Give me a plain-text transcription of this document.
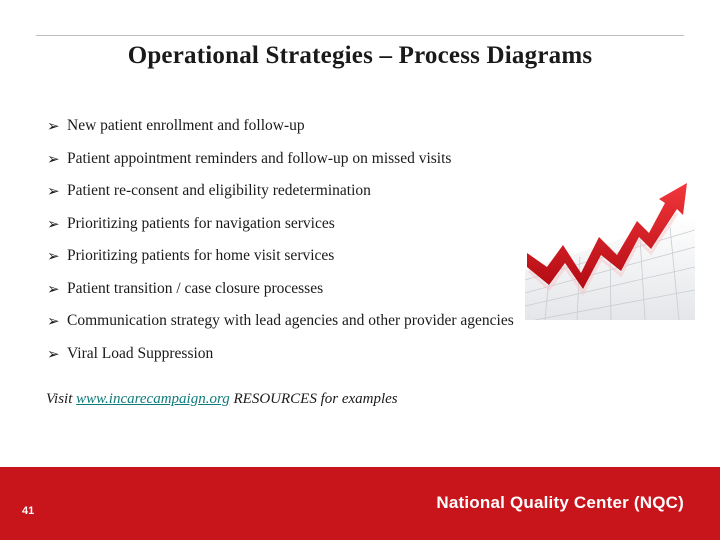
Operational Strategies – Process Diagrams
➢ New patient enrollment and follow-up
➢ Patient appointment reminders and follow-up on missed visits
➢ Patient re-consent and eligibility redetermination
➢ Prioritizing patients for navigation services
➢ Prioritizing patients for home visit services
➢ Patient transition / case closure processes
➢ Communication strategy with lead agencies and other provider agencies
➢ Viral Load Suppression
Visit www.incarecampaign.org RESOURCES for examples
41	National Quality Center (NQC)
